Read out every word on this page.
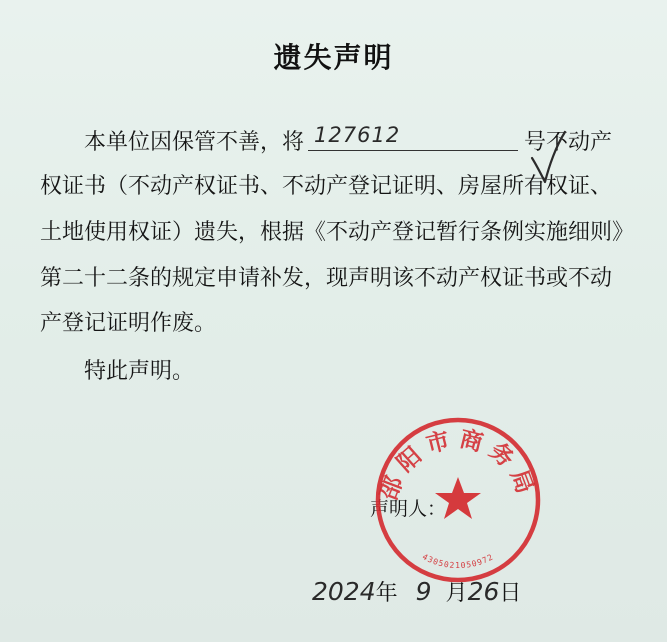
遗失声明
本单位因保管不善，将 127612	号不动产
权证书（不动产权证书、不动产登记证明、房屋所有权证、
土地使用权证）遗失，根据《不动产登记暂行条例实施细则》
第二十二条的规定申请补发，现声明该不动产权证书或不动
产登记证明作废。
特此声明。
声明人：
邵阳市商务局
4305021050972
2024年 9 月26日
